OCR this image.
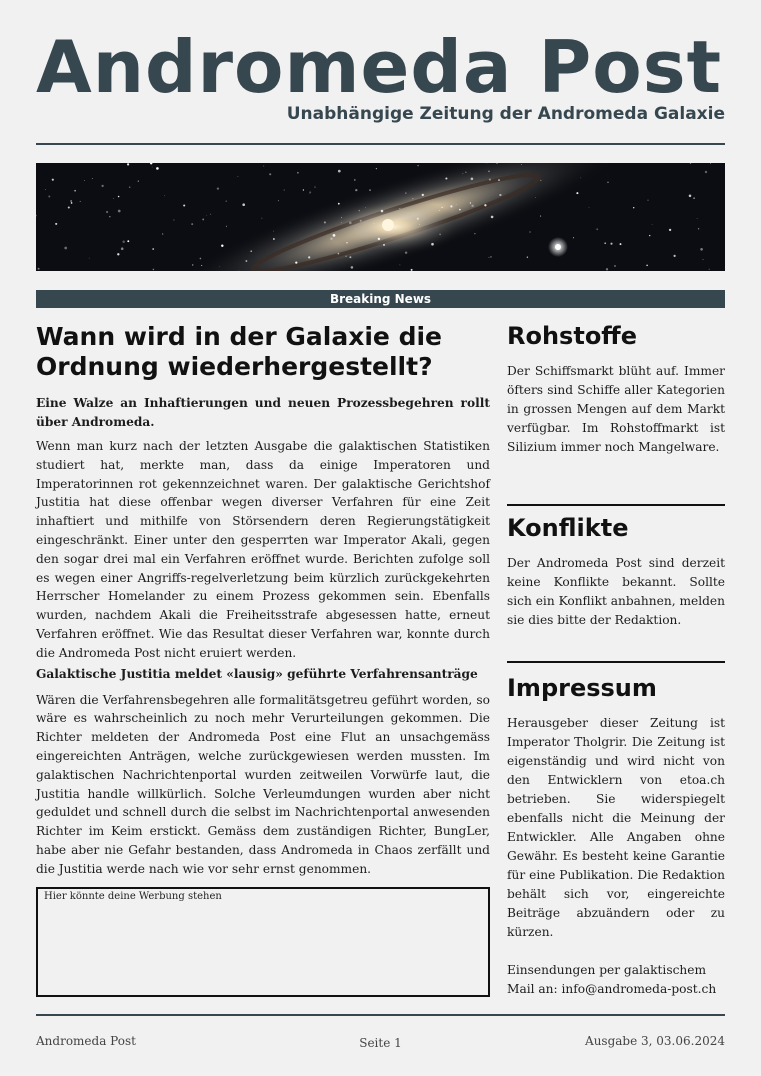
Andromeda Post
Unabhängige Zeitung der Andromeda Galaxie
Breaking News
Wann wird in der Galaxie die Ordnung wiederhergestellt?

Eine Walze an Inhaftierungen und neuen Prozessbegehren rollt über Andromeda.

Wenn man kurz nach der letzten Ausgabe die galaktischen Statistiken studiert hat, merkte man, dass da einige Imperatoren und Imperatorinnen rot gekennzeichnet waren. Der galaktische Gerichtshof Justitia hat diese offenbar wegen diverser Verfahren für eine Zeit inhaftiert und mithilfe von Störsendern deren Regierungstätigkeit eingeschränkt. Einer unter den gesperrten war Imperator Akali, gegen den sogar drei mal ein Verfahren eröffnet wurde. Berichten zufolge soll es wegen einer Angriffs-regelverletzung beim kürzlich zurückgekehrten Herrscher Homelander zu einem Prozess gekommen sein. Ebenfalls wurden, nachdem Akali die Freiheitsstrafe abgesessen hatte, erneut Verfahren eröffnet. Wie das Resultat dieser Verfahren war, konnte durch die Andromeda Post nicht eruiert werden.

Galaktische Justitia meldet «lausig» geführte Verfahrensanträge

Wären die Verfahrensbegehren alle formalitätsgetreu geführt worden, so wäre es wahrscheinlich zu noch mehr Verurteilungen gekommen. Die Richter meldeten der Andromeda Post eine Flut an unsachgemäss eingereichten Anträgen, welche zurückgewiesen werden mussten. Im galaktischen Nachrichtenportal wurden zeitweilen Vorwürfe laut, die Justitia handle willkürlich. Solche Verleumdungen wurden aber nicht geduldet und schnell durch die selbst im Nachrichtenportal anwesenden Richter im Keim erstickt. Gemäss dem zuständigen Richter, BungLer, habe aber nie Gefahr bestanden, dass Andromeda in Chaos zerfällt und die Justitia werde nach wie vor sehr ernst genommen.

Hier könnte deine Werbung stehen
Rohstoffe

Der Schiffsmarkt blüht auf. Immer öfters sind Schiffe aller Kategorien in grossen Mengen auf dem Markt verfügbar. Im Rohstoffmarkt ist Silizium immer noch Mangelware.

Konflikte

Der Andromeda Post sind derzeit keine Konflikte bekannt. Sollte sich ein Konflikt anbahnen, melden sie dies bitte der Redaktion.

Impressum

Herausgeber dieser Zeitung ist Imperator Tholgrir. Die Zeitung ist eigenständig und wird nicht von den Entwicklern von etoa.ch betrieben. Sie widerspiegelt ebenfalls nicht die Meinung der Entwickler. Alle Angaben ohne Gewähr. Es besteht keine Garantie für eine Publikation. Die Redaktion behält sich vor, eingereichte Beiträge abzuändern oder zu kürzen.

Einsendungen per galaktischem Mail an: info@andromeda-post.ch

Andromeda Post	Seite 1	Ausgabe 3, 03.06.2024
